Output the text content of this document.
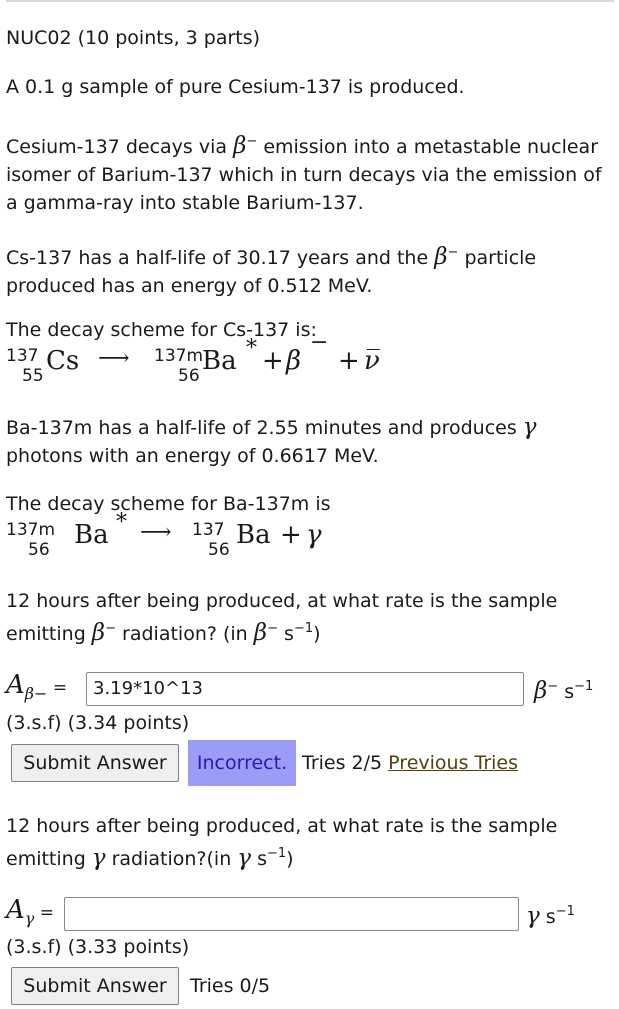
NUC02 (10 points, 3 parts)
A 0.1 g sample of pure Cesium-137 is produced.
Cesium-137 decays via β− emission into a metastable nuclear isomer of Barium-137 which in turn decays via the emission of a gamma-ray into stable Barium-137.
Cs-137 has a half-life of 30.17 years and the β− particle produced has an energy of 0.512 MeV.
The decay scheme for Cs-137 is:
137
55 Cs ⟶ 137m
56 Ba * + β
−
+ ν̅
Ba-137m has a half-life of 2.55 minutes and produces γ photons with an energy of 0.6617 MeV.
The decay scheme for Ba-137m is
137m
56 Ba * ⟶ 137
56 Ba + γ
12 hours after being produced, at what rate is the sample emitting β− radiation? (in β− $s^{-1}$)
$A_{\beta-}$ =	3.19*10^13	β− $s^{-1}$
(3.s.f) (3.34 points)
Submit Answer	Incorrect. Tries 2/5 Previous Tries
12 hours after being produced, at what rate is the sample emitting γ radiation?(in γ $s^{-1}$)
$A_\gamma$ =	γ $s^{-1}$
(3.s.f) (3.33 points)
Submit Answer	Tries 0/5
